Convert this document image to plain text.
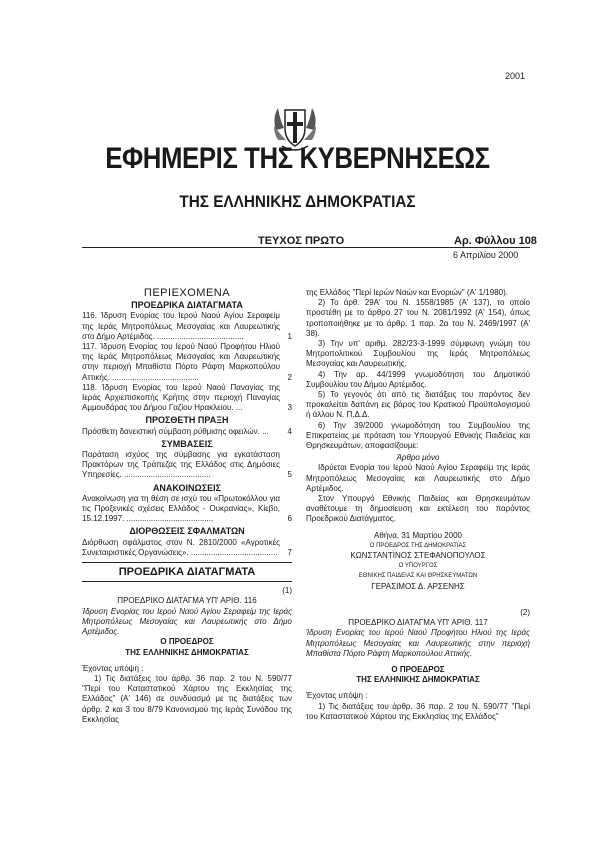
2001
ΕΦΗΜΕΡΙΣ ΤΗΣ ΚΥΒΕΡΝΗΣΕΩΣ
ΤΗΣ ΕΛΛΗΝΙΚΗΣ ΔΗΜΟΚΡΑΤΙΑΣ
ΤΕΥΧΟΣ ΠΡΩΤΟ	Αρ. Φύλλου 108
6 Απριλίου 2000
ΠΕΡΙΕΧΟΜΕΝΑ
ΠΡΟΕΔΡΙΚΑ ΔΙΑΤΑΓΜΑΤΑ
116. Ίδρυση Ενορίας του Ιερού Ναού Αγίου Σεραφείμ της Ιεράς Μητροπόλεως Μεσογαίας και Λαυρεωτικής στο Δήμο Αρτέμιδος. .......................................	1
117. Ίδρυση Ενορίας του Ιερού Ναού Προφήτου Ηλιού της Ιεράς Μητροπόλεως Μεσογαίας και Λαυρεωτικής στην περιοχή Μπαθίστα Πόρτο Ράφτη Μαρκοπούλου Αττικής. .......................................	2
118. Ίδρυση Ενορίας του Ιερού Ναού Παναγίας της Ιεράς Αρχιεπισκοπής Κρήτης στην περιοχή Παναγίας Αμμουδάρας του Δήμου Γαζίου Ηρακλείου. ...	3
ΠΡΟΣΘΕΤΗ ΠΡΑΞΗ
Πρόσθετη δανειστική σύμβαση ρύθμισης οφειλών. ...	4
ΣΥΜΒΑΣΕΙΣ
Παράταση ισχύος της σύμβασης για εγκατάσταση Πρακτόρων της Τράπεζας της Ελλάδος στις Δημόσιες Υπηρεσίες. .......................................	5
ΑΝΑΚΟΙΝΩΣΕΙΣ
Ανακοίνωση για τη θέση σε ισχύ του «Πρωτοκόλλου για τις Προξενικές σχέσεις Ελλάδος - Ουκρανίας», Κίεβο, 15.12.1997. .......................................	6
ΔΙΟΡΘΩΣΕΙΣ ΣΦΑΛΜΑΤΩΝ
Διόρθωση σφάλματος στον Ν. 2810/2000 «Αγροτικές Συνεταιριστικές Οργανώσεις». .......................................	7
ΠΡΟΕΔΡΙΚΑ ΔΙΑΤΑΓΜΑΤΑ
(1)
ΠΡΟΕΔΡΙΚΟ ΔΙΑΤΑΓΜΑ ΥΠ' ΑΡΙΘ. 116
Ίδρυση Ενορίας του Ιερού Ναού Αγίου Σεραφείμ της Ιεράς Μητροπόλεως Μεσογαίας και Λαυρεωτικής στο Δήμο Αρτέμιδος.
Ο ΠΡΟΕΔΡΟΣ
ΤΗΣ ΕΛΛΗΝΙΚΗΣ ΔΗΜΟΚΡΑΤΙΑΣ
Έχοντας υπόψη :
1) Τις διατάξεις του άρθρ. 36 παρ. 2 του Ν. 590/77 "Περί του Καταστατικού Χάρτου της Εκκλησίας της Ελλάδος" (Α' 146) σε συνδυασμό με τις διατάξεις των άρθρ. 2 και 3 του 8/79 Κανονισμού της Ιεράς Συνόδου της Εκκλησίας
της Ελλάδος "Περί Ιερών Ναών και Ενοριών" (Α' 1/1980).
2) Το άρθ. 29Α' του Ν. 1558/1985 (Α' 137), το οποίο προστέθη με το άρθρο 27 του Ν. 2081/1992 (Α' 154), όπως τροποποιήθηκε με το άρθρ. 1 παρ. 2α του Ν. 2469/1997 (Α' 38).
3) Την υπ' αριθμ. 282/23-3-1999 σύμφωνη γνώμη του Μητροπολιτικού Συμβουλίου της Ιεράς Μητροπόλεως Μεσογαίας και Λαυρεωτικής.
4) Την αρ. 44/1999 γνωμοδότηση του Δημοτικού Συμβουλίου του Δήμου Αρτέμιδος.
5) Το γεγονός ότι από τις διατάξεις του παρόντος δεν προκαλείται δαπάνη εις βάρος του Κρατικού Προϋπολογισμού ή άλλου Ν. Π.Δ.Δ.
6) Την 39/2000 γνωμοδότηση του Συμβουλίου της Επικρατείας με πρόταση του Υπουργού Εθνικής Παιδείας και Θρησκευμάτων, αποφασίζουμε:
Άρθρο μόνο
Ιδρύεται Ενορία του Ιερού Ναού Αγίου Σεραφείμ της Ιεράς Μητροπόλεως Μεσογαίας και Λαυρεωτικής στο Δήμο Αρτέμιδος.
Στον Υπουργό Εθνικής Παιδείας και Θρησκευμάτων αναθέτουμε τη δημοσίευση και εκτέλεση του παρόντος Προεδρικού Διατάγματος.
Αθήνα, 31 Μαρτίου 2000
Ο ΠΡΟΕΔΡΟΣ ΤΗΣ ΔΗΜΟΚΡΑΤΙΑΣ
ΚΩΝΣΤΑΝΤΙΝΟΣ ΣΤΕΦΑΝΟΠΟΥΛΟΣ
Ο ΥΠΟΥΡΓΟΣ
ΕΘΝΙΚΗΣ ΠΑΙΔΕΙΑΣ ΚΑΙ ΘΡΗΣΚΕΥΜΑΤΩΝ
ΓΕΡΑΣΙΜΟΣ Δ. ΑΡΣΕΝΗΣ
(2)
ΠΡΟΕΔΡΙΚΟ ΔΙΑΤΑΓΜΑ ΥΠ' ΑΡΙΘ. 117
Ίδρυση Ενορίας του Ιερού Ναού Προφήτου Ηλιού της Ιεράς Μητροπόλεως Μεσογαίας και Λαυρεωτικής στην περιοχή Μπαθίστα Πόρτο Ράφτη Μαρκοπούλου Αττικής.
Ο ΠΡΟΕΔΡΟΣ
ΤΗΣ ΕΛΛΗΝΙΚΗΣ ΔΗΜΟΚΡΑΤΙΑΣ
Έχοντας υπόψη :
1) Τις διατάξεις του άρθρ. 36 παρ. 2 του Ν. 590/77 "Περί του Καταστατικού Χάρτου της Εκκλησίας της Ελλάδος"
